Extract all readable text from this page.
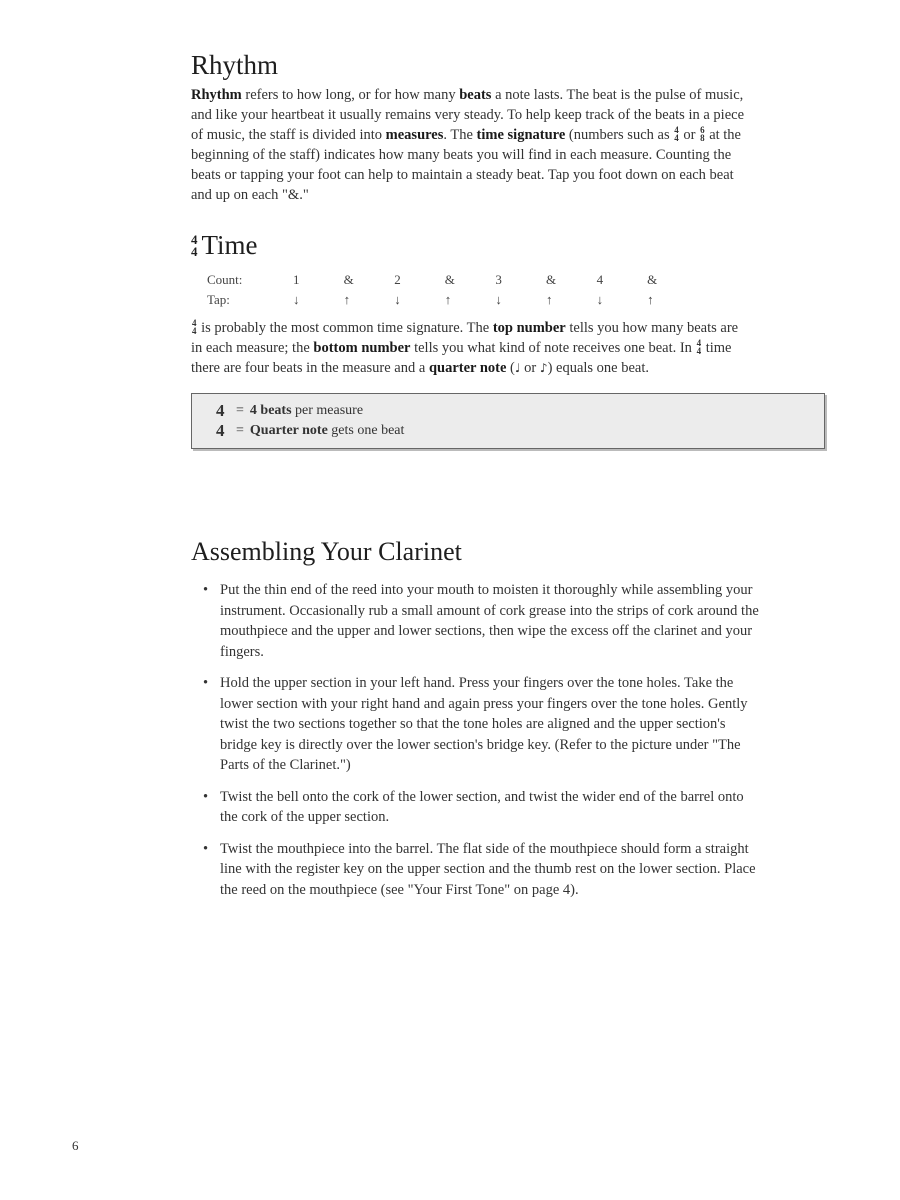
Rhythm

Rhythm refers to how long, or for how many beats a note lasts. The beat is the pulse of music, and like your heartbeat it usually remains very steady. To help keep track of the beats in a piece of music, the staff is divided into measures. The time signature (numbers such as 4
4 or 6
8 at the beginning of the staff) indicates how many beats you will find in each measure. Counting the beats or tapping your foot can help to maintain a steady beat. Tap you foot down on each beat and up on each "&."

4
4 Time
Count:	1	&	2	&	3	&	4	&
Tap:	↓	↑	↓	↑	↓	↑	↓	↑

4
4 is probably the most common time signature. The top number tells you how many beats are in each measure; the bottom number tells you what kind of note receives one beat. In 4
4 time there are four beats in the measure and a quarter note (♩ or ♪) equals one beat.

4 = 4 beats per measure
4 = Quarter note gets one beat
Assembling Your Clarinet
• Put the thin end of the reed into your mouth to moisten it thoroughly while assembling your instrument. Occasionally rub a small amount of cork grease into the strips of cork around the mouthpiece and the upper and lower sections, then wipe the excess off the clarinet and your fingers.
• Hold the upper section in your left hand. Press your fingers over the tone holes. Take the lower section with your right hand and again press your fingers over the tone holes. Gently twist the two sections together so that the tone holes are aligned and the upper section's bridge key is directly over the lower section's bridge key. (Refer to the picture under "The Parts of the Clarinet.")
• Twist the bell onto the cork of the lower section, and twist the wider end of the barrel onto the cork of the upper section.
• Twist the mouthpiece into the barrel. The flat side of the mouthpiece should form a straight line with the register key on the upper section and the thumb rest on the lower section. Place the reed on the mouthpiece (see "Your First Tone" on page 4).
6
